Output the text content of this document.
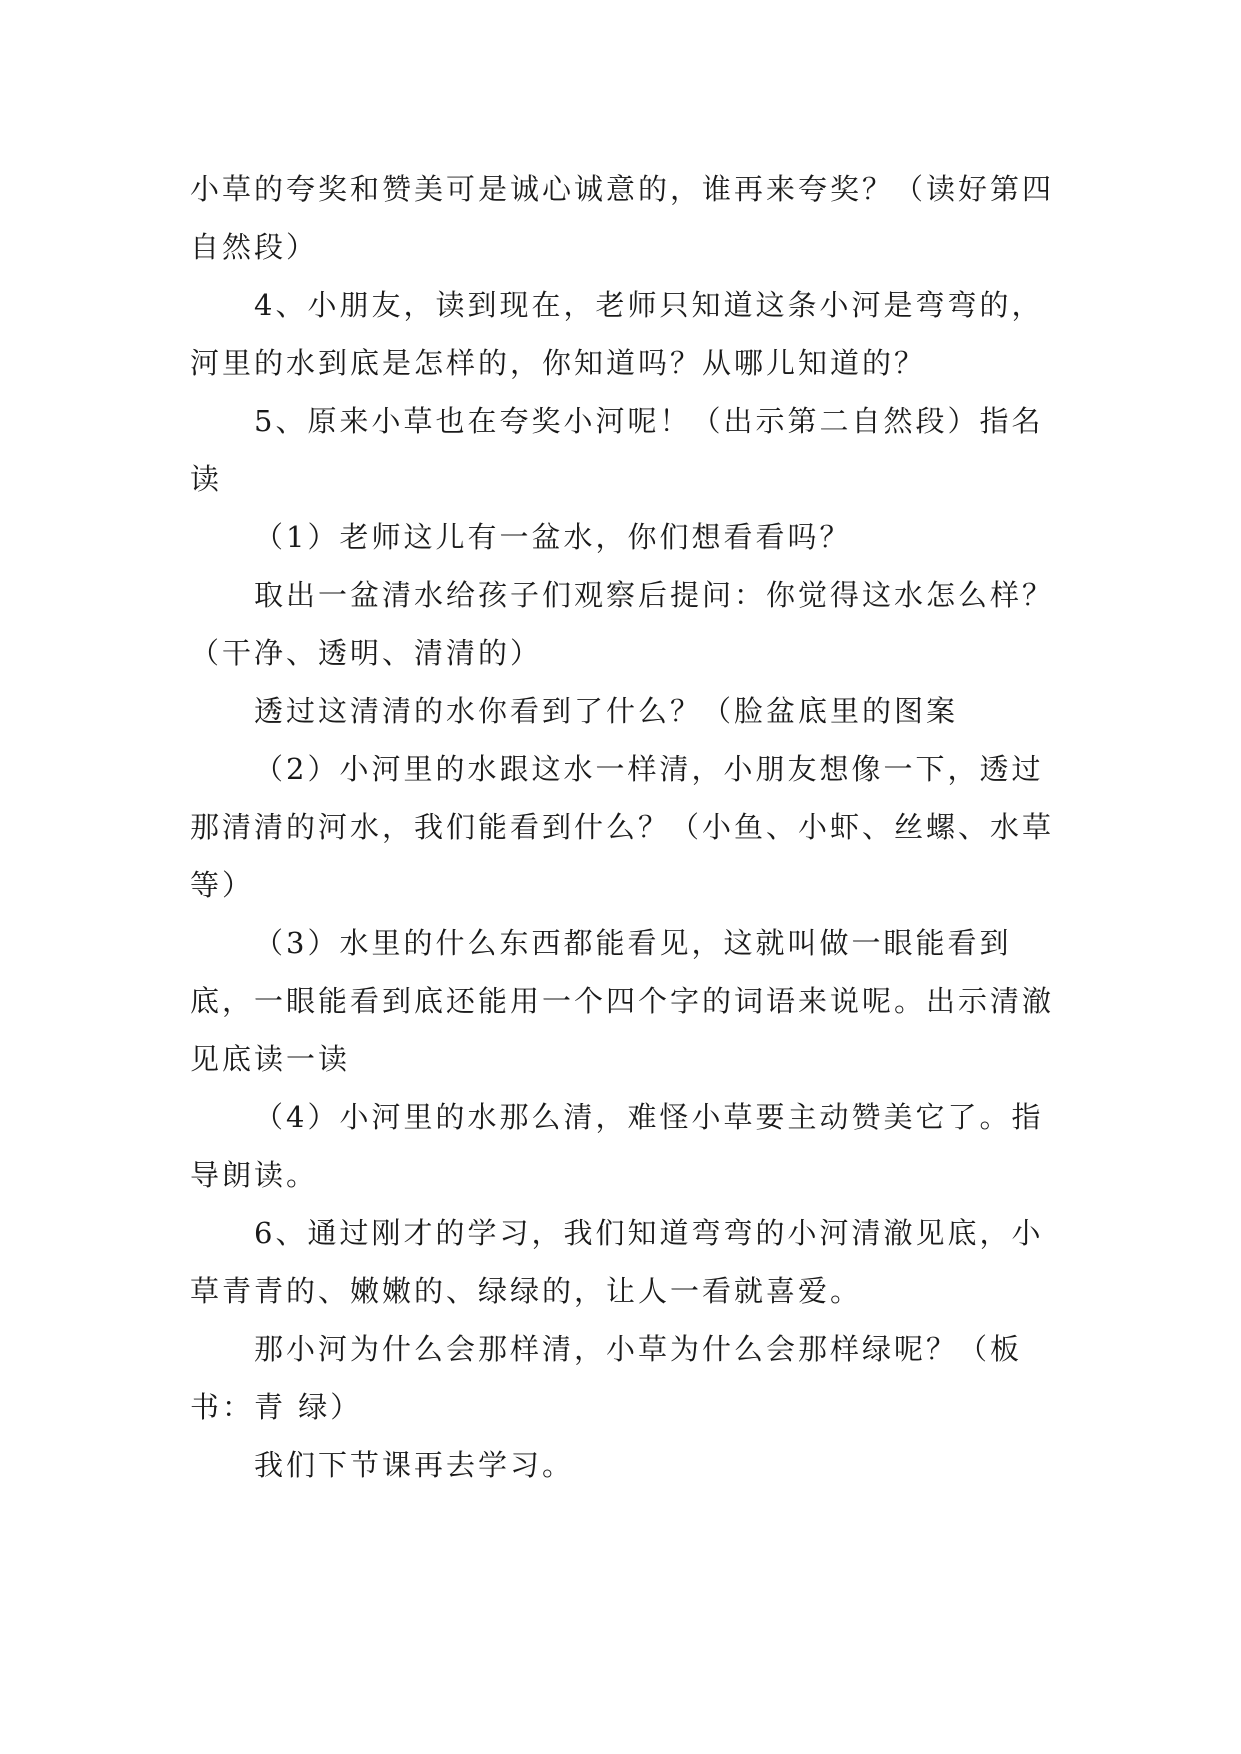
小草的夸奖和赞美可是诚心诚意的，谁再来夸奖？（读好第四自然段）

4、小朋友，读到现在，老师只知道这条小河是弯弯的，河里的水到底是怎样的，你知道吗？从哪儿知道的？

5、原来小草也在夸奖小河呢！（出示第二自然段）指名读

（1）老师这儿有一盆水，你们想看看吗？

取出一盆清水给孩子们观察后提问：你觉得这水怎么样？（干净、透明、清清的）

透过这清清的水你看到了什么？（脸盆底里的图案

（2）小河里的水跟这水一样清，小朋友想像一下，透过那清清的河水，我们能看到什么？（小鱼、小虾、丝螺、水草等）

（3）水里的什么东西都能看见，这就叫做一眼能看到底，一眼能看到底还能用一个四个字的词语来说呢。出示清澈见底读一读

（4）小河里的水那么清，难怪小草要主动赞美它了。指导朗读。

6、通过刚才的学习，我们知道弯弯的小河清澈见底，小草青青的、嫩嫩的、绿绿的，让人一看就喜爱。

那小河为什么会那样清，小草为什么会那样绿呢？（板书：青 绿）

我们下节课再去学习。
